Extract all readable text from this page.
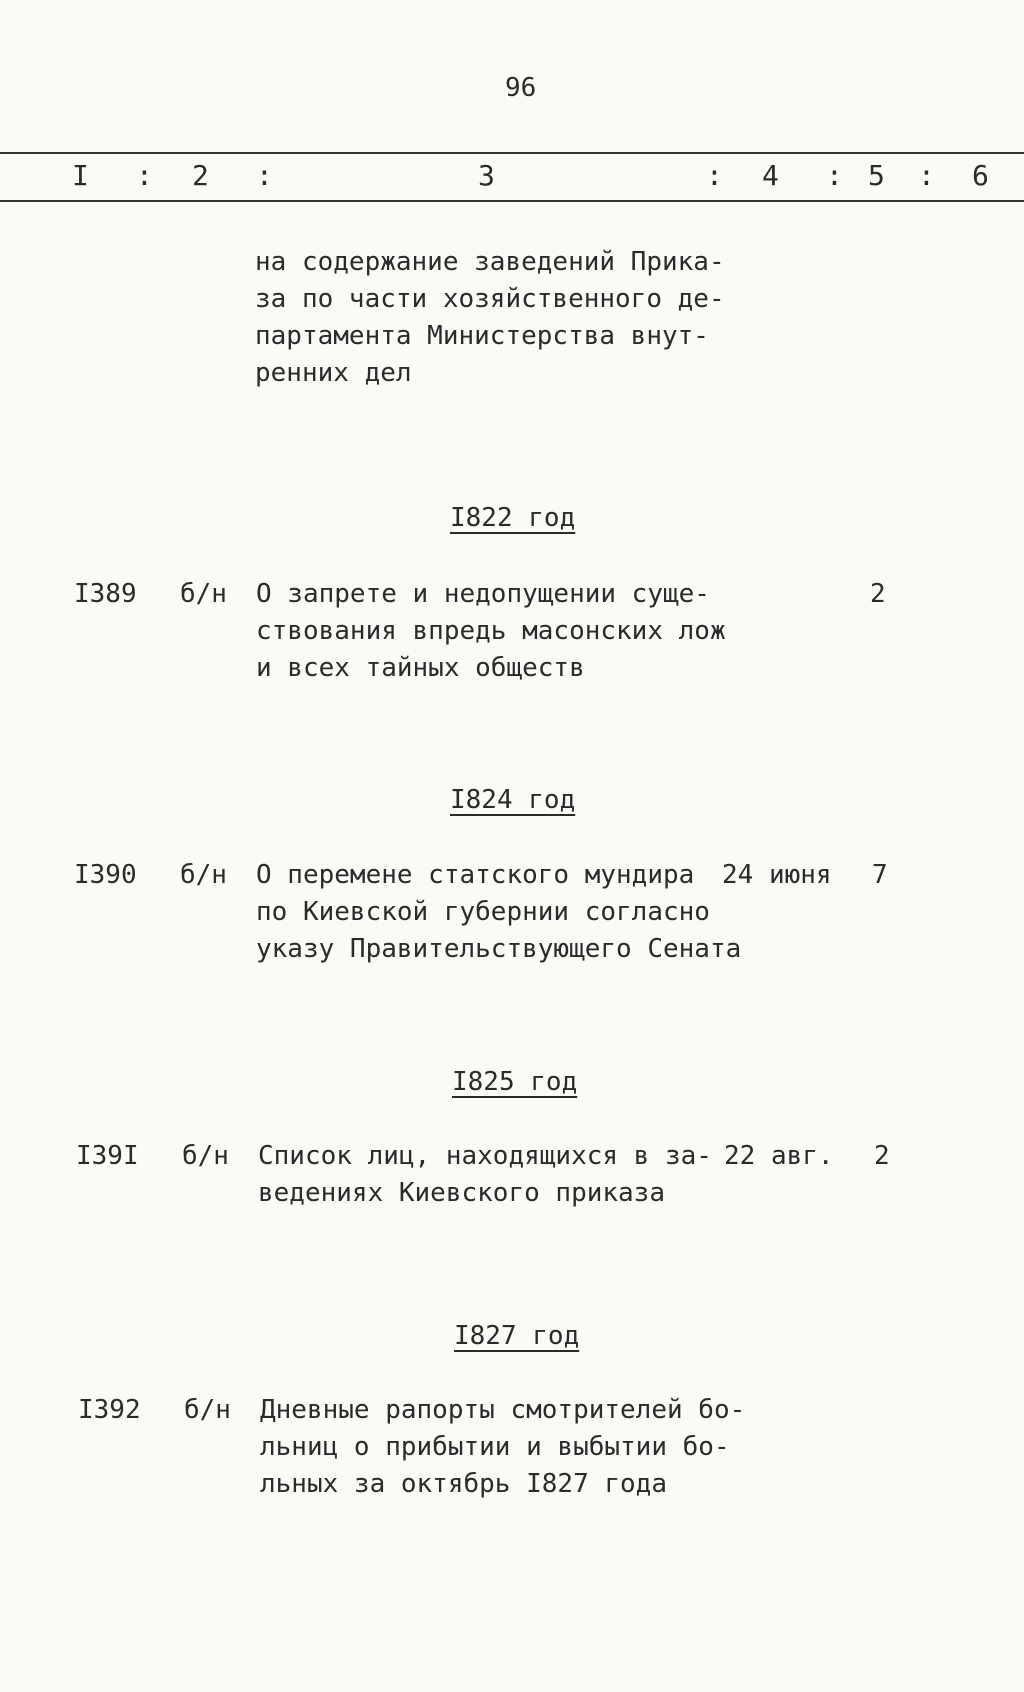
96
I : 2 :	3	: 4 : 5 : 6
на содержание заведений Прика-
за по части хозяйственного де-
партамента Министерства внут-
ренних дел
I822 год
I389 б/н О запрете и недопущении суще-
ствования впредь масонских лож
и всех тайных обществ
2
I824 год
I390 б/н О перемене статского мундира
по Киевской губернии согласно
указу Правительствующего Сената
24 июня 7
I825 год
I39I б/н Список лиц, находящихся в за-
ведениях Киевского приказа
22 авг. 2
I827 год
I392 б/н Дневные рапорты смотрителей бо-
льниц о прибытии и выбытии бо-
льных за октябрь I827 года
